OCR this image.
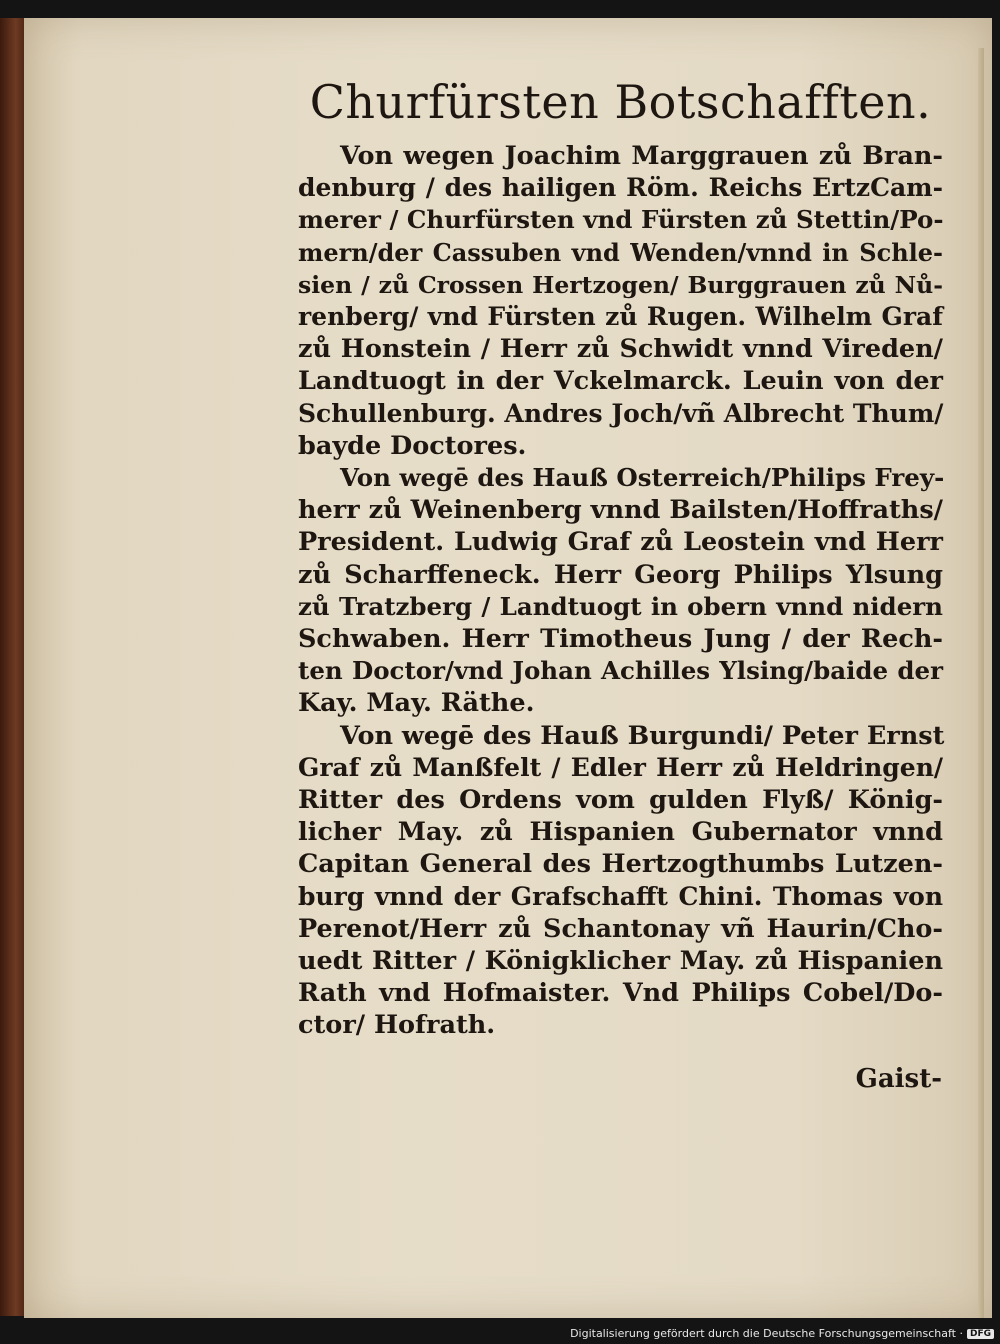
Churfürsten Botschafften.
Von wegen Joachim Marggrauen zů Bran-
denburg / des hailigen Röm. Reichs ErtzCam-
merer / Churfürsten vnd Fürsten zů Stettin/Po-
mern/der Cassuben vnd Wenden/vnnd in Schle-
sien / zů Crossen Hertzogen/ Burggrauen zů Nů-
renberg/ vnd Fürsten zů Rugen. Wilhelm Graf
zů Honstein / Herr zů Schwidt vnnd Vireden/
Landtuogt in der Vckelmarck. Leuin von der
Schullenburg. Andres Joch/vñ Albrecht Thum/
bayde Doctores.
Von wegē des Hauß Osterreich/Philips Frey-
herr zů Weinenberg vnnd Bailsten/Hoffraths/
President. Ludwig Graf zů Leostein vnd Herr
zů Scharffeneck. Herr Georg Philips Ylsung
zů Tratzberg / Landtuogt in obern vnnd nidern
Schwaben. Herr Timotheus Jung / der Rech-
ten Doctor/vnd Johan Achilles Ylsing/baide der
Kay. May. Räthe.
Von wegē des Hauß Burgundi/ Peter Ernst
Graf zů Manßfelt / Edler Herr zů Heldringen/
Ritter des Ordens vom gulden Flyß/ König-
licher May. zů Hispanien Gubernator vnnd
Capitan General des Hertzogthumbs Lutzen-
burg vnnd der Grafschafft Chini. Thomas von
Perenot/Herr zů Schantonay vñ Haurin/Cho-
uedt Ritter / Königklicher May. zů Hispanien
Rath vnd Hofmaister. Vnd Philips Cobel/Do-
ctor/ Hofrath.
Gaist-
Digitalisierung gefördert durch die Deutsche Forschungsgemeinschaft · DFG
